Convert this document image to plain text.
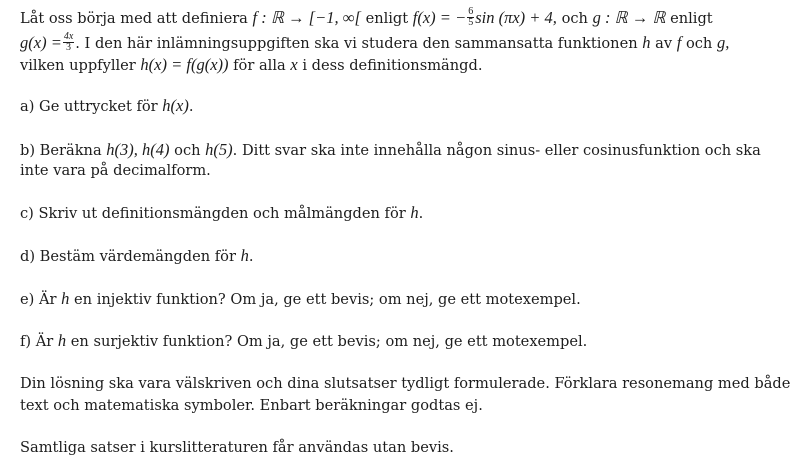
Låt oss börja med att definiera f : ℝ → [−1, ∞[ enligt f(x) = − $\frac{6}{5}$ sin (πx) + 4, och g : ℝ → ℝ enligt
$g(x) = \frac{4x}{3}$ . I den här inlämningsuppgiften ska vi studera den sammansatta funktionen h av f och g,
vilken uppfyller h(x) = f(g(x)) för alla x i dess definitionsmängd.
a) Ge uttrycket för h(x).
b) Beräkna h(3), h(4) och h(5). Ditt svar ska inte innehålla någon sinus- eller cosinusfunktion och ska
inte vara på decimalform.
c) Skriv ut definitionsmängden och målmängden för h.
d) Bestäm värdemängden för h.
e) Är h en injektiv funktion? Om ja, ge ett bevis; om nej, ge ett motexempel.
f) Är h en surjektiv funktion? Om ja, ge ett bevis; om nej, ge ett motexempel.
Din lösning ska vara välskriven och dina slutsatser tydligt formulerade. Förklara resonemang med både
text och matematiska symboler. Enbart beräkningar godtas ej.
Samtliga satser i kurslitteraturen får användas utan bevis.
